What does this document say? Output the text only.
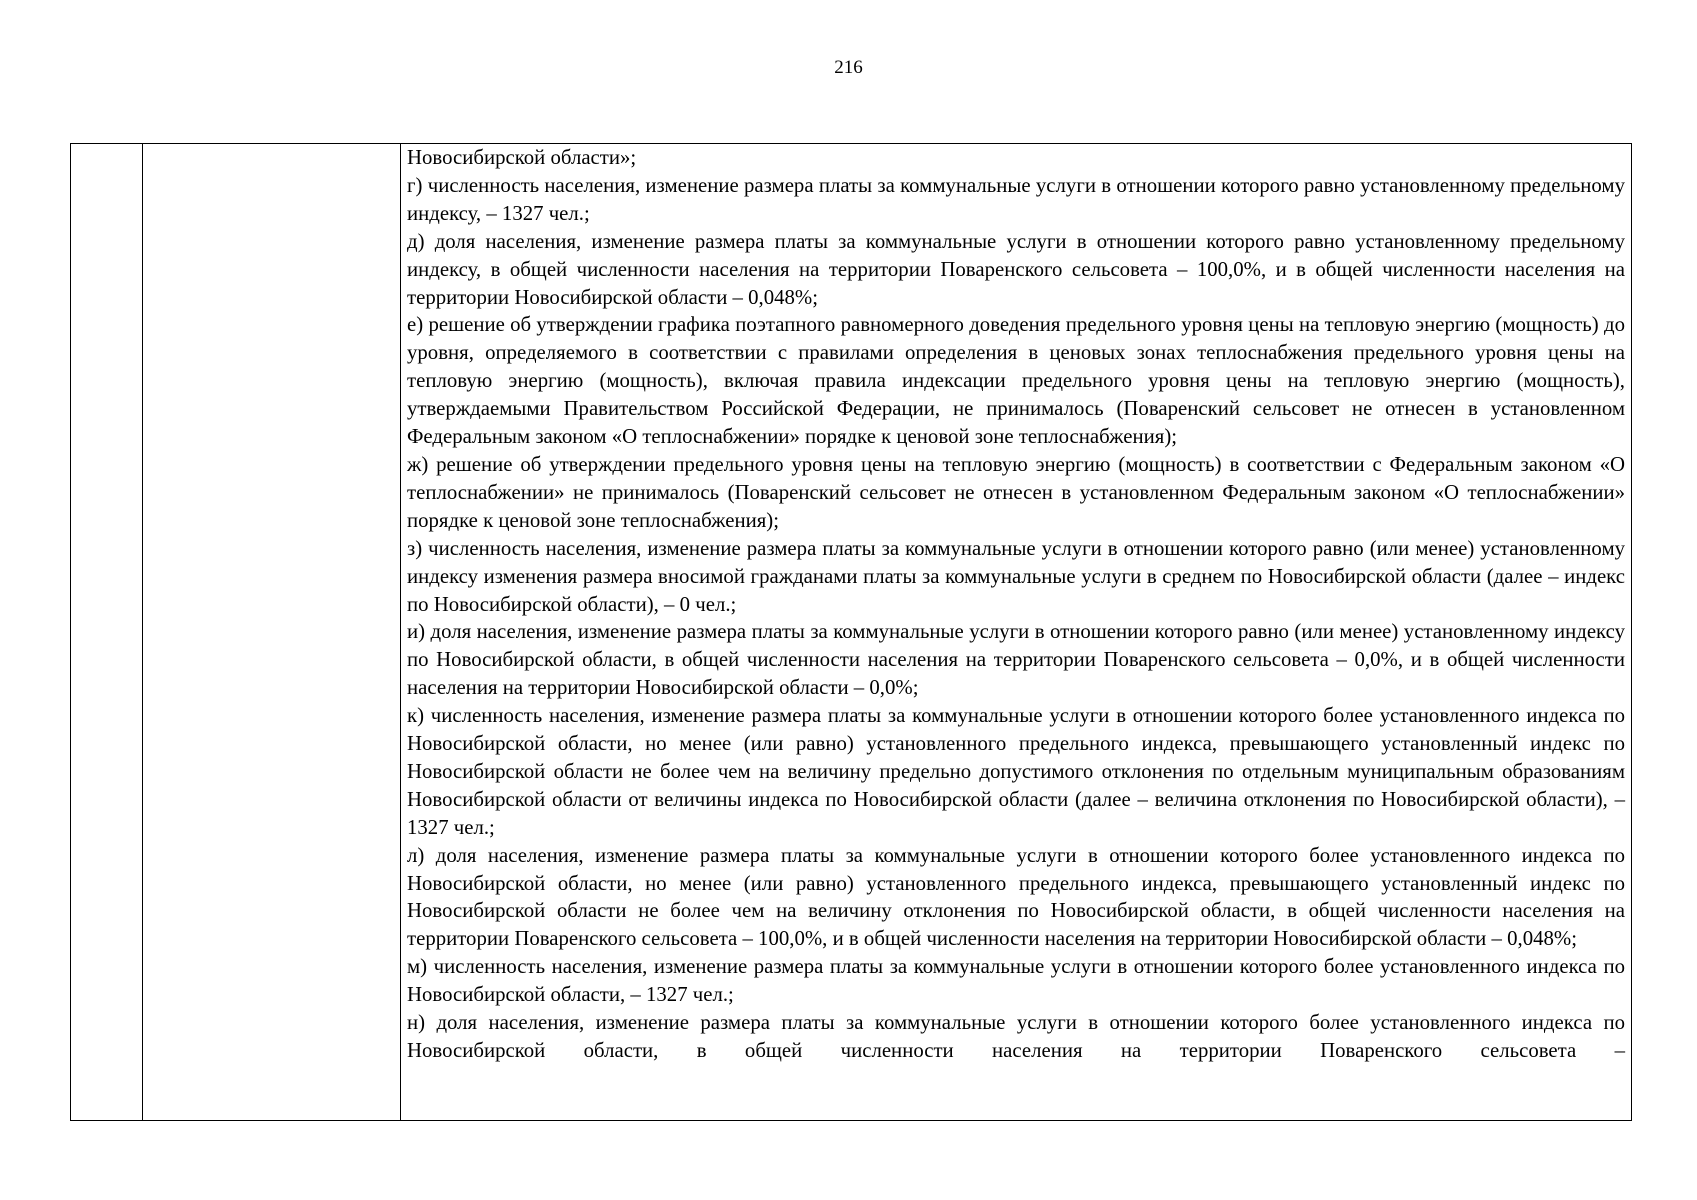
216

Новосибирской области»;

г) численность населения, изменение размера платы за коммунальные услуги в отношении которого равно установленному предельному индексу, – 1327 чел.;

д) доля населения, изменение размера платы за коммунальные услуги в отношении которого равно установленному предельному индексу, в общей численности населения на территории Поваренского сельсовета – 100,0%, и в общей численности населения на территории Новосибирской области – 0,048%;

е) решение об утверждении графика поэтапного равномерного доведения предельного уровня цены на тепловую энергию (мощность) до уровня, определяемого в соответствии с правилами определения в ценовых зонах теплоснабжения предельного уровня цены на тепловую энергию (мощность), включая правила индексации предельного уровня цены на тепловую энергию (мощность), утверждаемыми Правительством Российской Федерации, не принималось (Поваренский сельсовет не отнесен в установленном Федеральным законом «О теплоснабжении» порядке к ценовой зоне теплоснабжения);

ж) решение об утверждении предельного уровня цены на тепловую энергию (мощность) в соответствии с Федеральным законом «О теплоснабжении» не принималось (Поваренский сельсовет не отнесен в установленном Федеральным законом «О теплоснабжении» порядке к ценовой зоне теплоснабжения);

з) численность населения, изменение размера платы за коммунальные услуги в отношении которого равно (или менее) установленному индексу изменения размера вносимой гражданами платы за коммунальные услуги в среднем по Новосибирской области (далее – индекс по Новосибирской области), – 0 чел.;

и) доля населения, изменение размера платы за коммунальные услуги в отношении которого равно (или менее) установленному индексу по Новосибирской области, в общей численности населения на территории Поваренского сельсовета – 0,0%, и в общей численности населения на территории Новосибирской области – 0,0%;

к) численность населения, изменение размера платы за коммунальные услуги в отношении которого более установленного индекса по Новосибирской области, но менее (или равно) установленного предельного индекса, превышающего установленный индекс по Новосибирской области не более чем на величину предельно допустимого отклонения по отдельным муниципальным образованиям Новосибирской области от величины индекса по Новосибирской области (далее – величина отклонения по Новосибирской области), – 1327 чел.;

л) доля населения, изменение размера платы за коммунальные услуги в отношении которого более установленного индекса по Новосибирской области, но менее (или равно) установленного предельного индекса, превышающего установленный индекс по Новосибирской области не более чем на величину отклонения по Новосибирской области, в общей численности населения на территории Поваренского сельсовета – 100,0%, и в общей численности населения на территории Новосибирской области – 0,048%;

м) численность населения, изменение размера платы за коммунальные услуги в отношении которого более установленного индекса по Новосибирской области, – 1327 чел.;

н) доля населения, изменение размера платы за коммунальные услуги в отношении которого более установленного индекса по Новосибирской области, в общей численности населения на территории Поваренского сельсовета –
